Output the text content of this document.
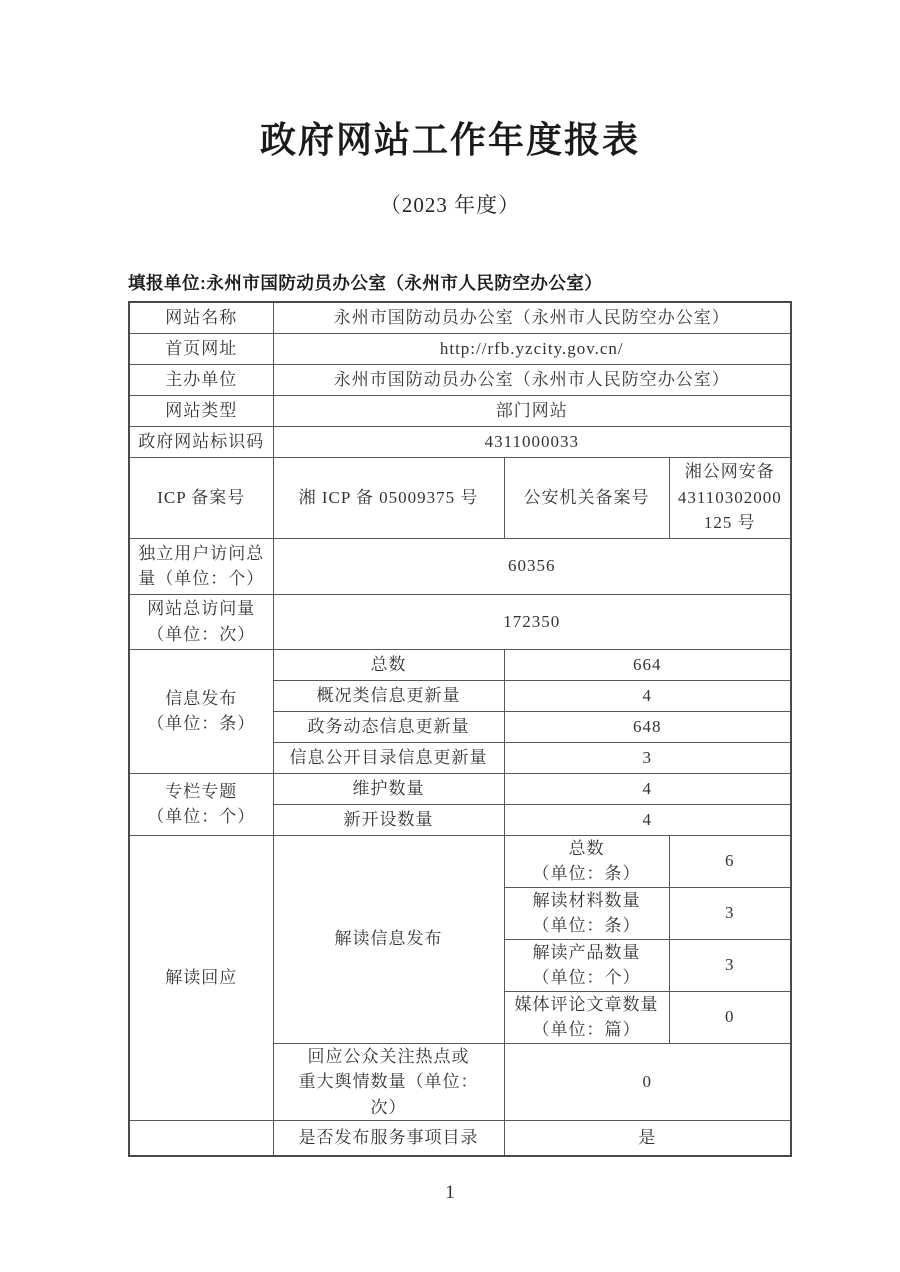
政府网站工作年度报表
（2023 年度）
填报单位:永州市国防动员办公室（永州市人民防空办公室）
网站名称	永州市国防动员办公室（永州市人民防空办公室）		
首页网址	http://rfb.yzcity.gov.cn/		
主办单位	永州市国防动员办公室（永州市人民防空办公室）		
网站类型	部门网站		
政府网站标识码	4311000033		
ICP 备案号	湘 ICP 备 05009375 号	公安机关备案号	湘公网安备
43110302000
125 号

独立用户访问总
量（单位：个）	60356		

网站总访问量
（单位：次）	172350		

信息发布
（单位：条）	总数	664	
	概况类信息更新量	4	
	政务动态信息更新量	648	
	信息公开目录信息更新量	3	

专栏专题
（单位：个）	维护数量	4	
	新开设数量	4	
解读回应	解读信息发布	总数
（单位：条）	6

		解读材料数量
（单位：条）	3

		解读产品数量
（单位：个）	3

		媒体评论文章数量
（单位：篇）	0

	回应公众关注热点或
重大舆情数量（单位：
次）	0	
	是否发布服务事项目录	是	
1
